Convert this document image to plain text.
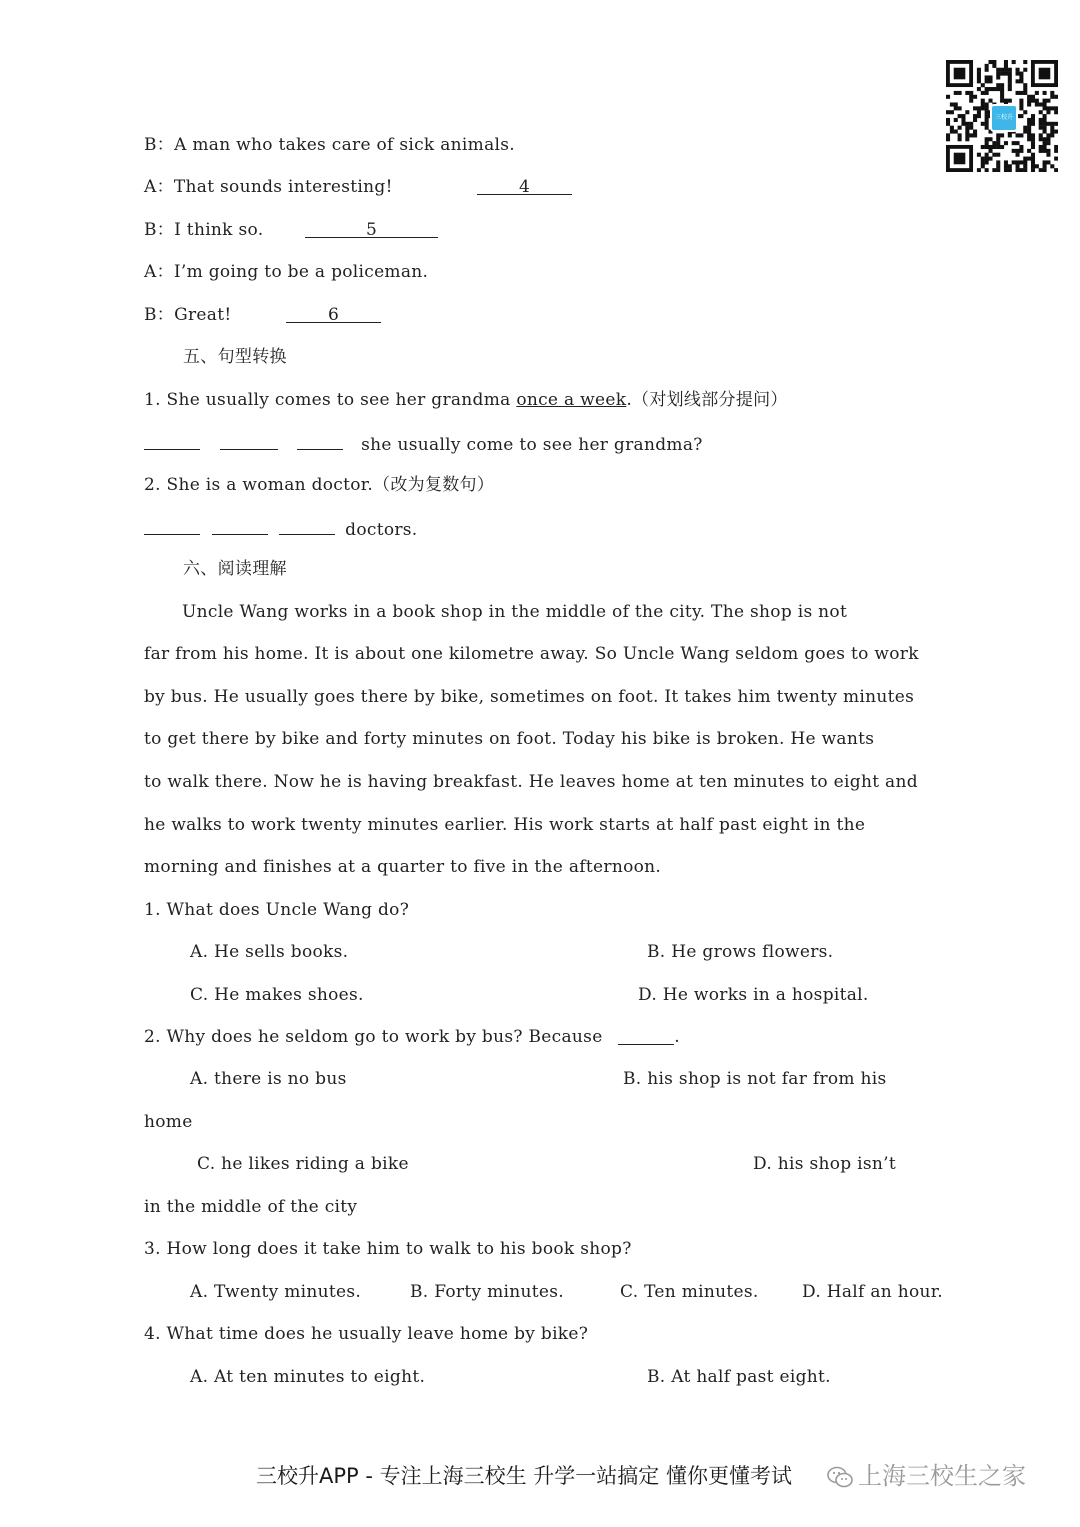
三校升
B：A man who takes care of sick animals.
A：That sounds interesting!	4
B：I think so.	5
A：I’m going to be a policeman.
B：Great!	6
五、句型转换
1. She usually comes to see her grandma once a week.（对划线部分提问）
she usually come to see her grandma?
2. She is a woman doctor.（改为复数句）
doctors.
六、阅读理解
Uncle Wang works in a book shop in the middle of the city. The shop is not
far from his home. It is about one kilometre away. So Uncle Wang seldom goes to work
by bus. He usually goes there by bike, sometimes on foot. It takes him twenty minutes
to get there by bike and forty minutes on foot. Today his bike is broken. He wants
to walk there. Now he is having breakfast. He leaves home at ten minutes to eight and
he walks to work twenty minutes earlier. His work starts at half past eight in the
morning and finishes at a quarter to five in the afternoon.
1. What does Uncle Wang do?
A. He sells books.	B. He grows flowers.
C. He makes shoes.	D. He works in a hospital.
2. Why does he seldom go to work by bus? Because	.
A. there is no bus	B. his shop is not far from his
home
C. he likes riding a bike	D. his shop isn’t
in the middle of the city
3. How long does it take him to walk to his book shop?
A. Twenty minutes.	B. Forty minutes.	C. Ten minutes.	D. Half an hour.
4. What time does he usually leave home by bike?
A. At ten minutes to eight.	B. At half past eight.
三校升APP - 专注上海三校生 升学一站搞定 懂你更懂考试	上海三校生之家
